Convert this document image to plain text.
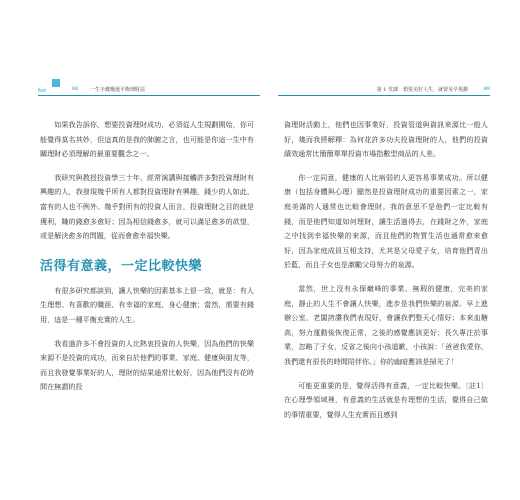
Part	88 一生全錢幾運平衡理財法

如果我告訴你，想要投資理財成功，必須從人生規劃開始，你可能覺得莫名其妙，但這真的是我的肺腑之言，也可能是你這一生中有關理財必須理解的最重要觀念之一。

我研究與教授投資學三十年，經常演講與接觸許多對投資理財有興趣的人，我發現幾乎所有人都對投資理財有興趣，錢少的人如此，富有的人也不例外。幾乎對所有的投資人而言，投資理財之目的就是獲利，賺的錢愈多愈好；因為相信錢愈多，就可以滿足愈多的欲望，或是解決愈多的問題，從而會愈幸福快樂。

活得有意義，一定比較快樂

有很多研究都談到，讓人快樂的因素基本上很一致，就是：有人生理想、有喜歡的職涯、有幸福的家庭、身心健康；當然，需要有錢用，這是一種平衡充實的人生。

我看過許多不會投資的人比熱衷投資的人快樂，因為他們的快樂來源不是投資的成功，而來自於他們的事業、家庭、健康與朋友等，而且我發覺事業好的人，理財的結果通常比較好，因為他們沒有花時間在無謂的投

第 1 堂課　想要美好人生，就要及早規劃	89

資理財活動上，他們也因事業好，投資管道與資訊來源比一般人好，幾而我將解釋：為何花許多功夫投資理財的人，他們的投資績效通常比簡簡單單投資市場指數型商品的人差。

你一定同意，健康的人比病弱的人更容易事業成功。所以健康（包括身體與心理）顯然是投資理財成功的重要因素之一，家庭美滿的人通常也比較會理財。我的意思不是他們一定比較有錢，而是他們知道如何理財，讓生活過得去，在錢財之外，家庭之中找到幸福快樂的來源，而且他們的物質生活也通常愈來愈好，因為家庭成員互相支持，尤其是父母愛子女，培育他們青出於藍，而且子女也是激勵父母努力的泉源。

當然，世上沒有永保巔峰的事業、無瑕的健康，完美的家庭，靜止的人生不會讓人快樂，進步是我們快樂的泉源。早上進辦公室，老闆誇讚我們表現好，會讓我們整天心情好；本來血糖高，努力運動後恢復正常，之後的感覺應該更好；長久專注於事業，忽略了子女，反省之後向小孩道歉，小孩說：「爸爸我愛你，我們還有很長的時間陪伴你。」你的幽暗應該是掃光了！

可能更重要的是，覺得活得有意義，一定比較快樂。〔註1〕在心理學領域裡，有意義的生活就是有理想的生活，覺得自己做的事情重要，覺得人生充實而且感到
